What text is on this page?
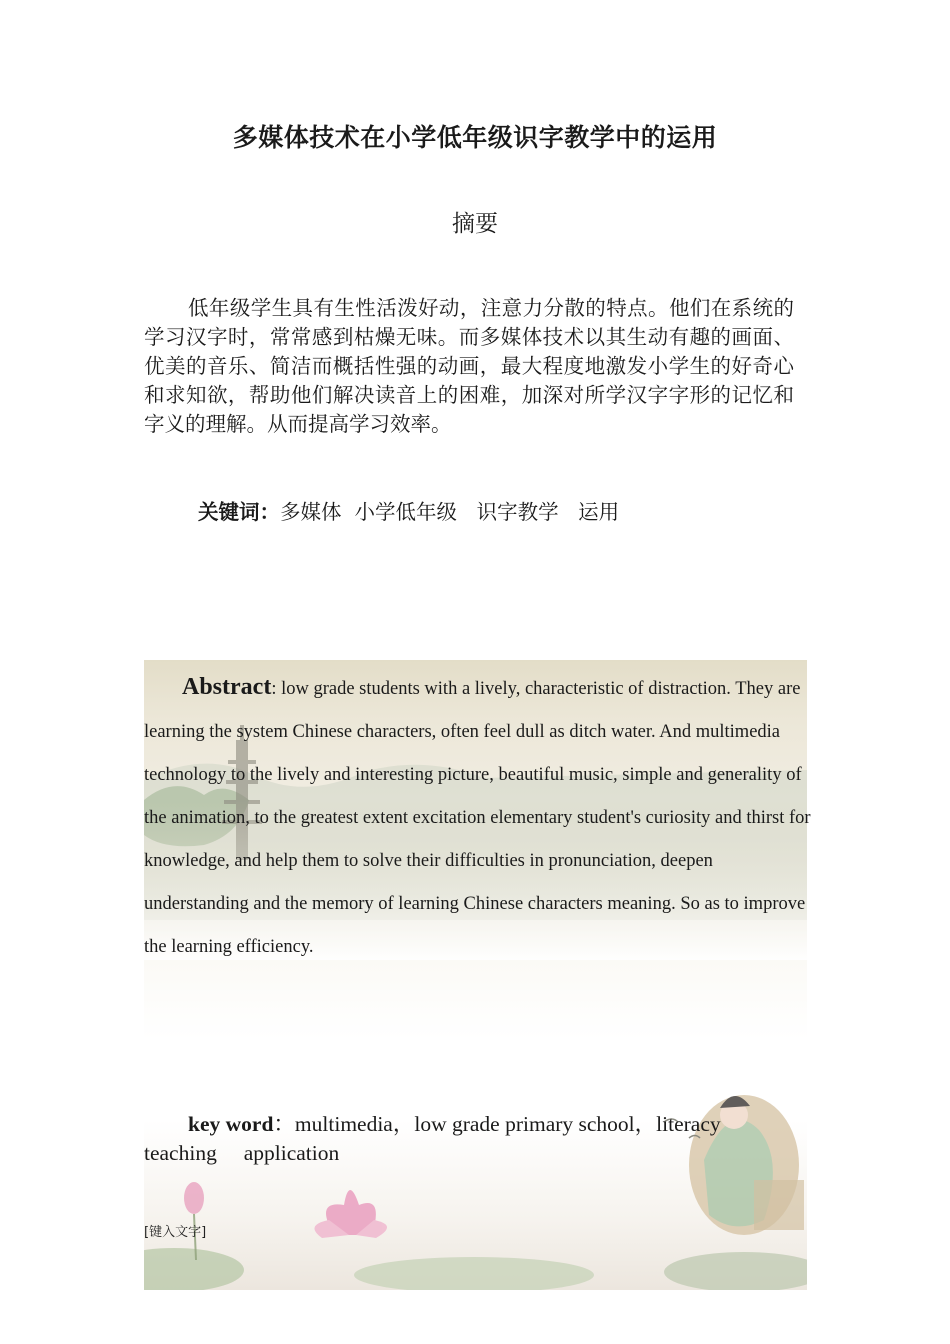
多媒体技术在小学低年级识字教学中的运用
摘要

低年级学生具有生性活泼好动，注意力分散的特点。他们在系统的学习汉字时，常常感到枯燥无味。而多媒体技术以其生动有趣的画面、优美的音乐、简洁而概括性强的动画，最大程度地激发小学生的好奇心和求知欲，帮助他们解决读音上的困难，加深对所学汉字字形的记忆和字义的理解。从而提高学习效率。

关键词：多媒体  小学低年级   识字教学   运用
Abstract: low grade students with a lively, characteristic of distraction. They are learning the system Chinese characters, often feel dull as ditch water. And multimedia technology to the lively and interesting picture, beautiful music, simple and generality of the animation, to the greatest extent excitation elementary student's curiosity and thirst for knowledge, and help them to solve their difficulties in pronunciation, deepen understanding and the memory of learning Chinese characters meaning. So as to improve the learning efficiency.
key word：multimedia，low grade primary school，literacy teaching     application
[键入文字]
